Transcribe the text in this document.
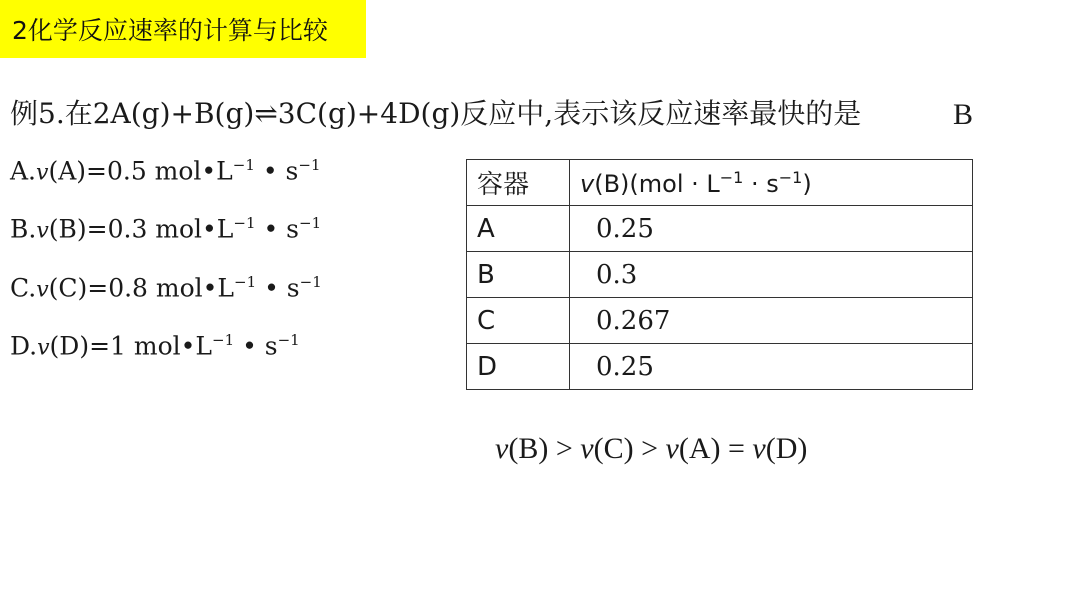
2化学反应速率的计算与比较
例5.在2A(g)+B(g)⇌3C(g)+4D(g)反应中,表示该反应速率最快的是	B
A.v(A)=0.5 $mol•L^{-1}$ • $s^{-1}$
B.v(B)=0.3 $mol•L^{-1}$ • $s^{-1}$
C.v(C)=0.8 $mol•L^{-1}$ • $s^{-1}$
D.v(D)=1 $mol•L^{-1}$ • $s^{-1}$
容器	$v(B)(mol \cdot L^{-1} \cdot s^{-1})$
A	0.25
B	0.3
C	0.267
D	0.25
v(B) > v(C) > v(A) = v(D)
